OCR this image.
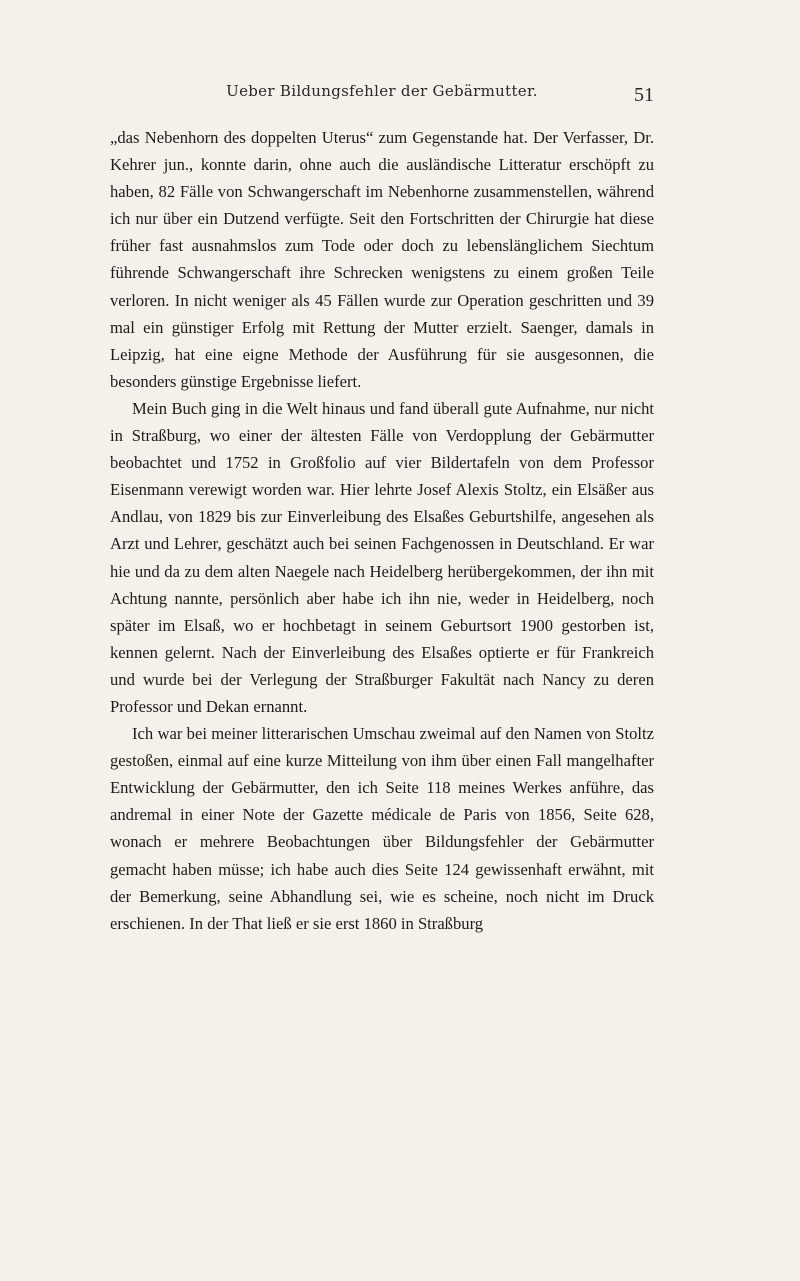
Ueber Bildungsfehler der Gebärmutter.	51

„das Nebenhorn des doppelten Uterus“ zum Gegenstande hat. Der Verfasser, Dr. Kehrer jun., konnte darin, ohne auch die ausländische Litteratur erschöpft zu haben, 82 Fälle von Schwangerschaft im Nebenhorne zusammenstellen, während ich nur über ein Dutzend verfügte. Seit den Fortschritten der Chirurgie hat diese früher fast ausnahmslos zum Tode oder doch zu lebenslänglichem Siechtum führende Schwangerschaft ihre Schrecken wenigstens zu einem großen Teile verloren. In nicht weniger als 45 Fällen wurde zur Operation geschritten und 39 mal ein günstiger Erfolg mit Rettung der Mutter erzielt. Saenger, damals in Leipzig, hat eine eigne Methode der Ausführung für sie ausgesonnen, die besonders günstige Ergebnisse liefert.

Mein Buch ging in die Welt hinaus und fand überall gute Aufnahme, nur nicht in Straßburg, wo einer der ältesten Fälle von Verdopplung der Gebärmutter beobachtet und 1752 in Großfolio auf vier Bildertafeln von dem Professor Eisenmann verewigt worden war. Hier lehrte Josef Alexis Stoltz, ein Elsäßer aus Andlau, von 1829 bis zur Einverleibung des Elsaßes Geburtshilfe, angesehen als Arzt und Lehrer, geschätzt auch bei seinen Fachgenossen in Deutschland. Er war hie und da zu dem alten Naegele nach Heidelberg herübergekommen, der ihn mit Achtung nannte, persönlich aber habe ich ihn nie, weder in Heidelberg, noch später im Elsaß, wo er hochbetagt in seinem Geburtsort 1900 gestorben ist, kennen gelernt. Nach der Einverleibung des Elsaßes optierte er für Frankreich und wurde bei der Verlegung der Straßburger Fakultät nach Nancy zu deren Professor und Dekan ernannt.

Ich war bei meiner litterarischen Umschau zweimal auf den Namen von Stoltz gestoßen, einmal auf eine kurze Mitteilung von ihm über einen Fall mangelhafter Entwicklung der Gebärmutter, den ich Seite 118 meines Werkes anführe, das andremal in einer Note der Gazette médicale de Paris von 1856, Seite 628, wonach er mehrere Beobachtungen über Bildungsfehler der Gebärmutter gemacht haben müsse; ich habe auch dies Seite 124 gewissenhaft erwähnt, mit der Bemerkung, seine Abhandlung sei, wie es scheine, noch nicht im Druck erschienen. In der That ließ er sie erst 1860 in Straßburg
